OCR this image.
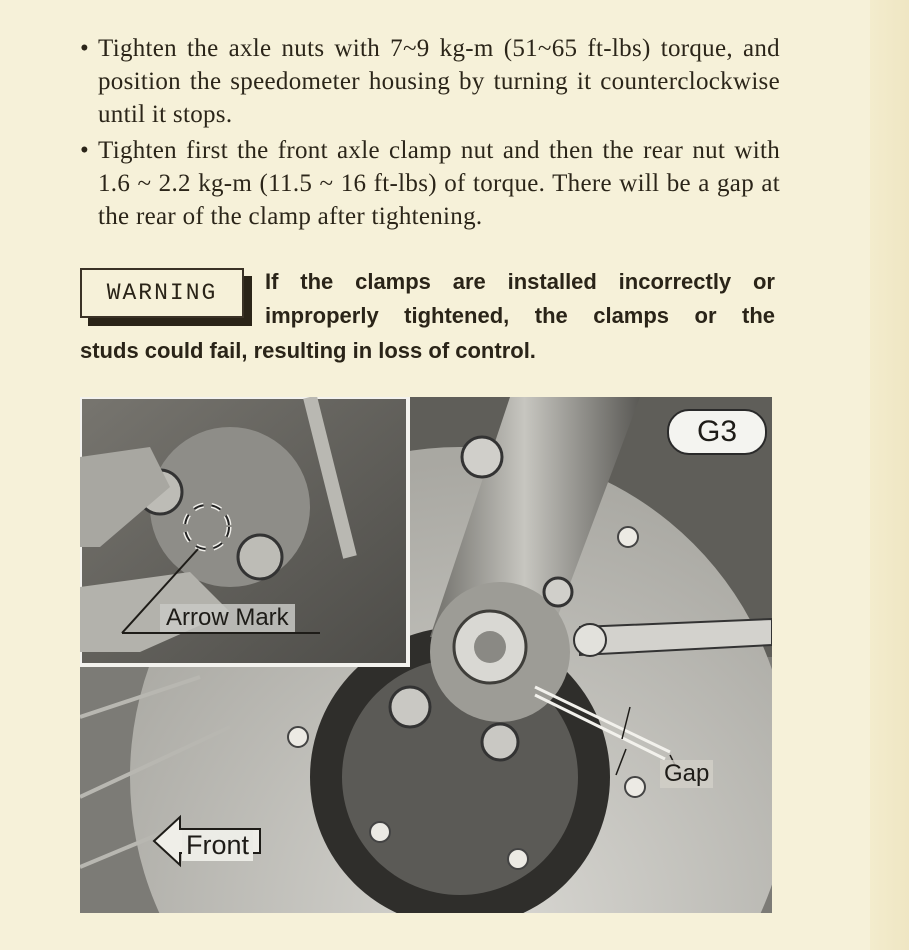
• Tighten the axle nuts with 7~9 kg-m (51~65 ft-lbs) torque, and position the speedometer housing by turning it counterclockwise until it stops.

• Tighten first the front axle clamp nut and then the rear nut with 1.6 ~ 2.2 kg-m (11.5 ~ 16 ft-lbs) of torque. There will be a gap at the rear of the clamp after tightening.

WARNING	If the clamps are installed incorrectly or
improperly tightened, the clamps or the
studs could fail, resulting in loss of control.
G3
Arrow Mark
Gap
Front
